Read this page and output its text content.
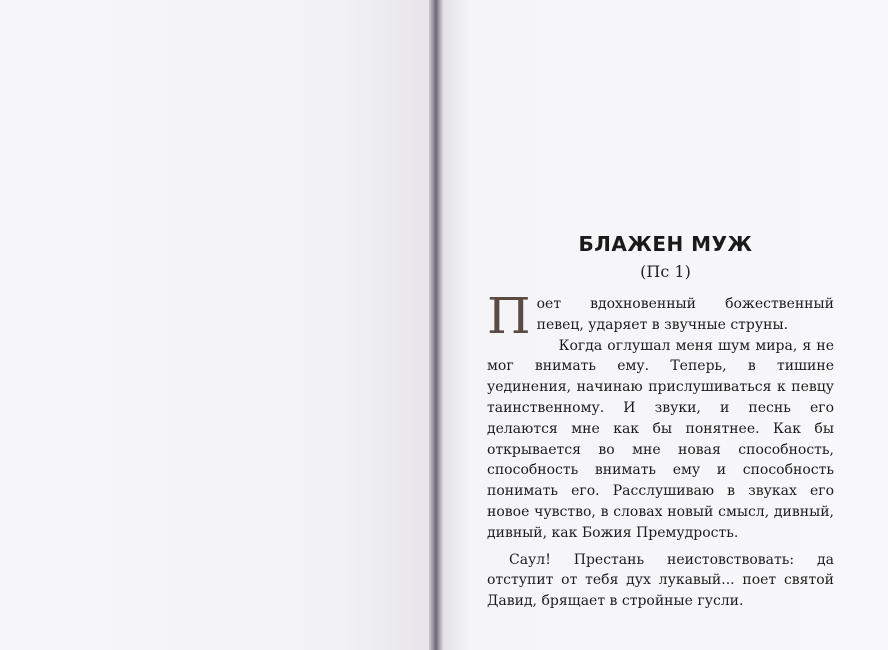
БЛАЖЕН МУЖ
(Пс 1)

Поет вдохновенный божественный певец, ударяет в звучные струны.

Когда оглушал меня шум мира, я не мог внимать ему. Теперь, в тишине уединения, начинаю прислушиваться к певцу таинственному. И звуки, и песнь его делаются мне как бы понятнее. Как бы открывается во мне новая способность, способность внимать ему и способность понимать его. Расслушиваю в звуках его новое чувство, в словах новый смысл, дивный, дивный, как Божия Премудрость.

Саул! Престань неистовствовать: да отступит от тебя дух лукавый... поет святой Давид, брящает в стройные гусли.
